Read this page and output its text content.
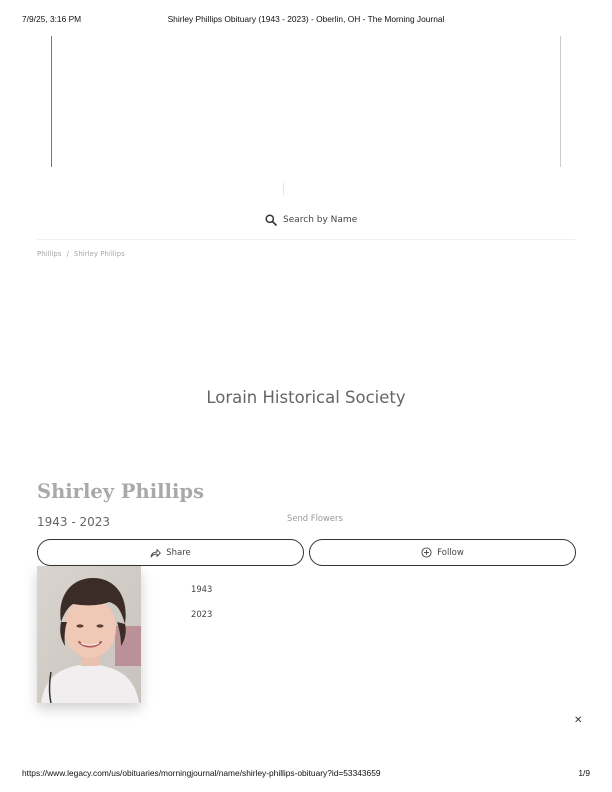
7/9/25, 3:16 PM	Shirley Phillips Obituary (1943 - 2023) - Oberlin, OH - The Morning Journal
Search by Name
Phillips / Shirley Phillips
Lorain Historical Society
Shirley Phillips
1943 - 2023	Send Flowers
Share	Follow
1943
2023
✕
https://www.legacy.com/us/obituaries/morningjournal/name/shirley-phillips-obituary?id=53343659	1/9
